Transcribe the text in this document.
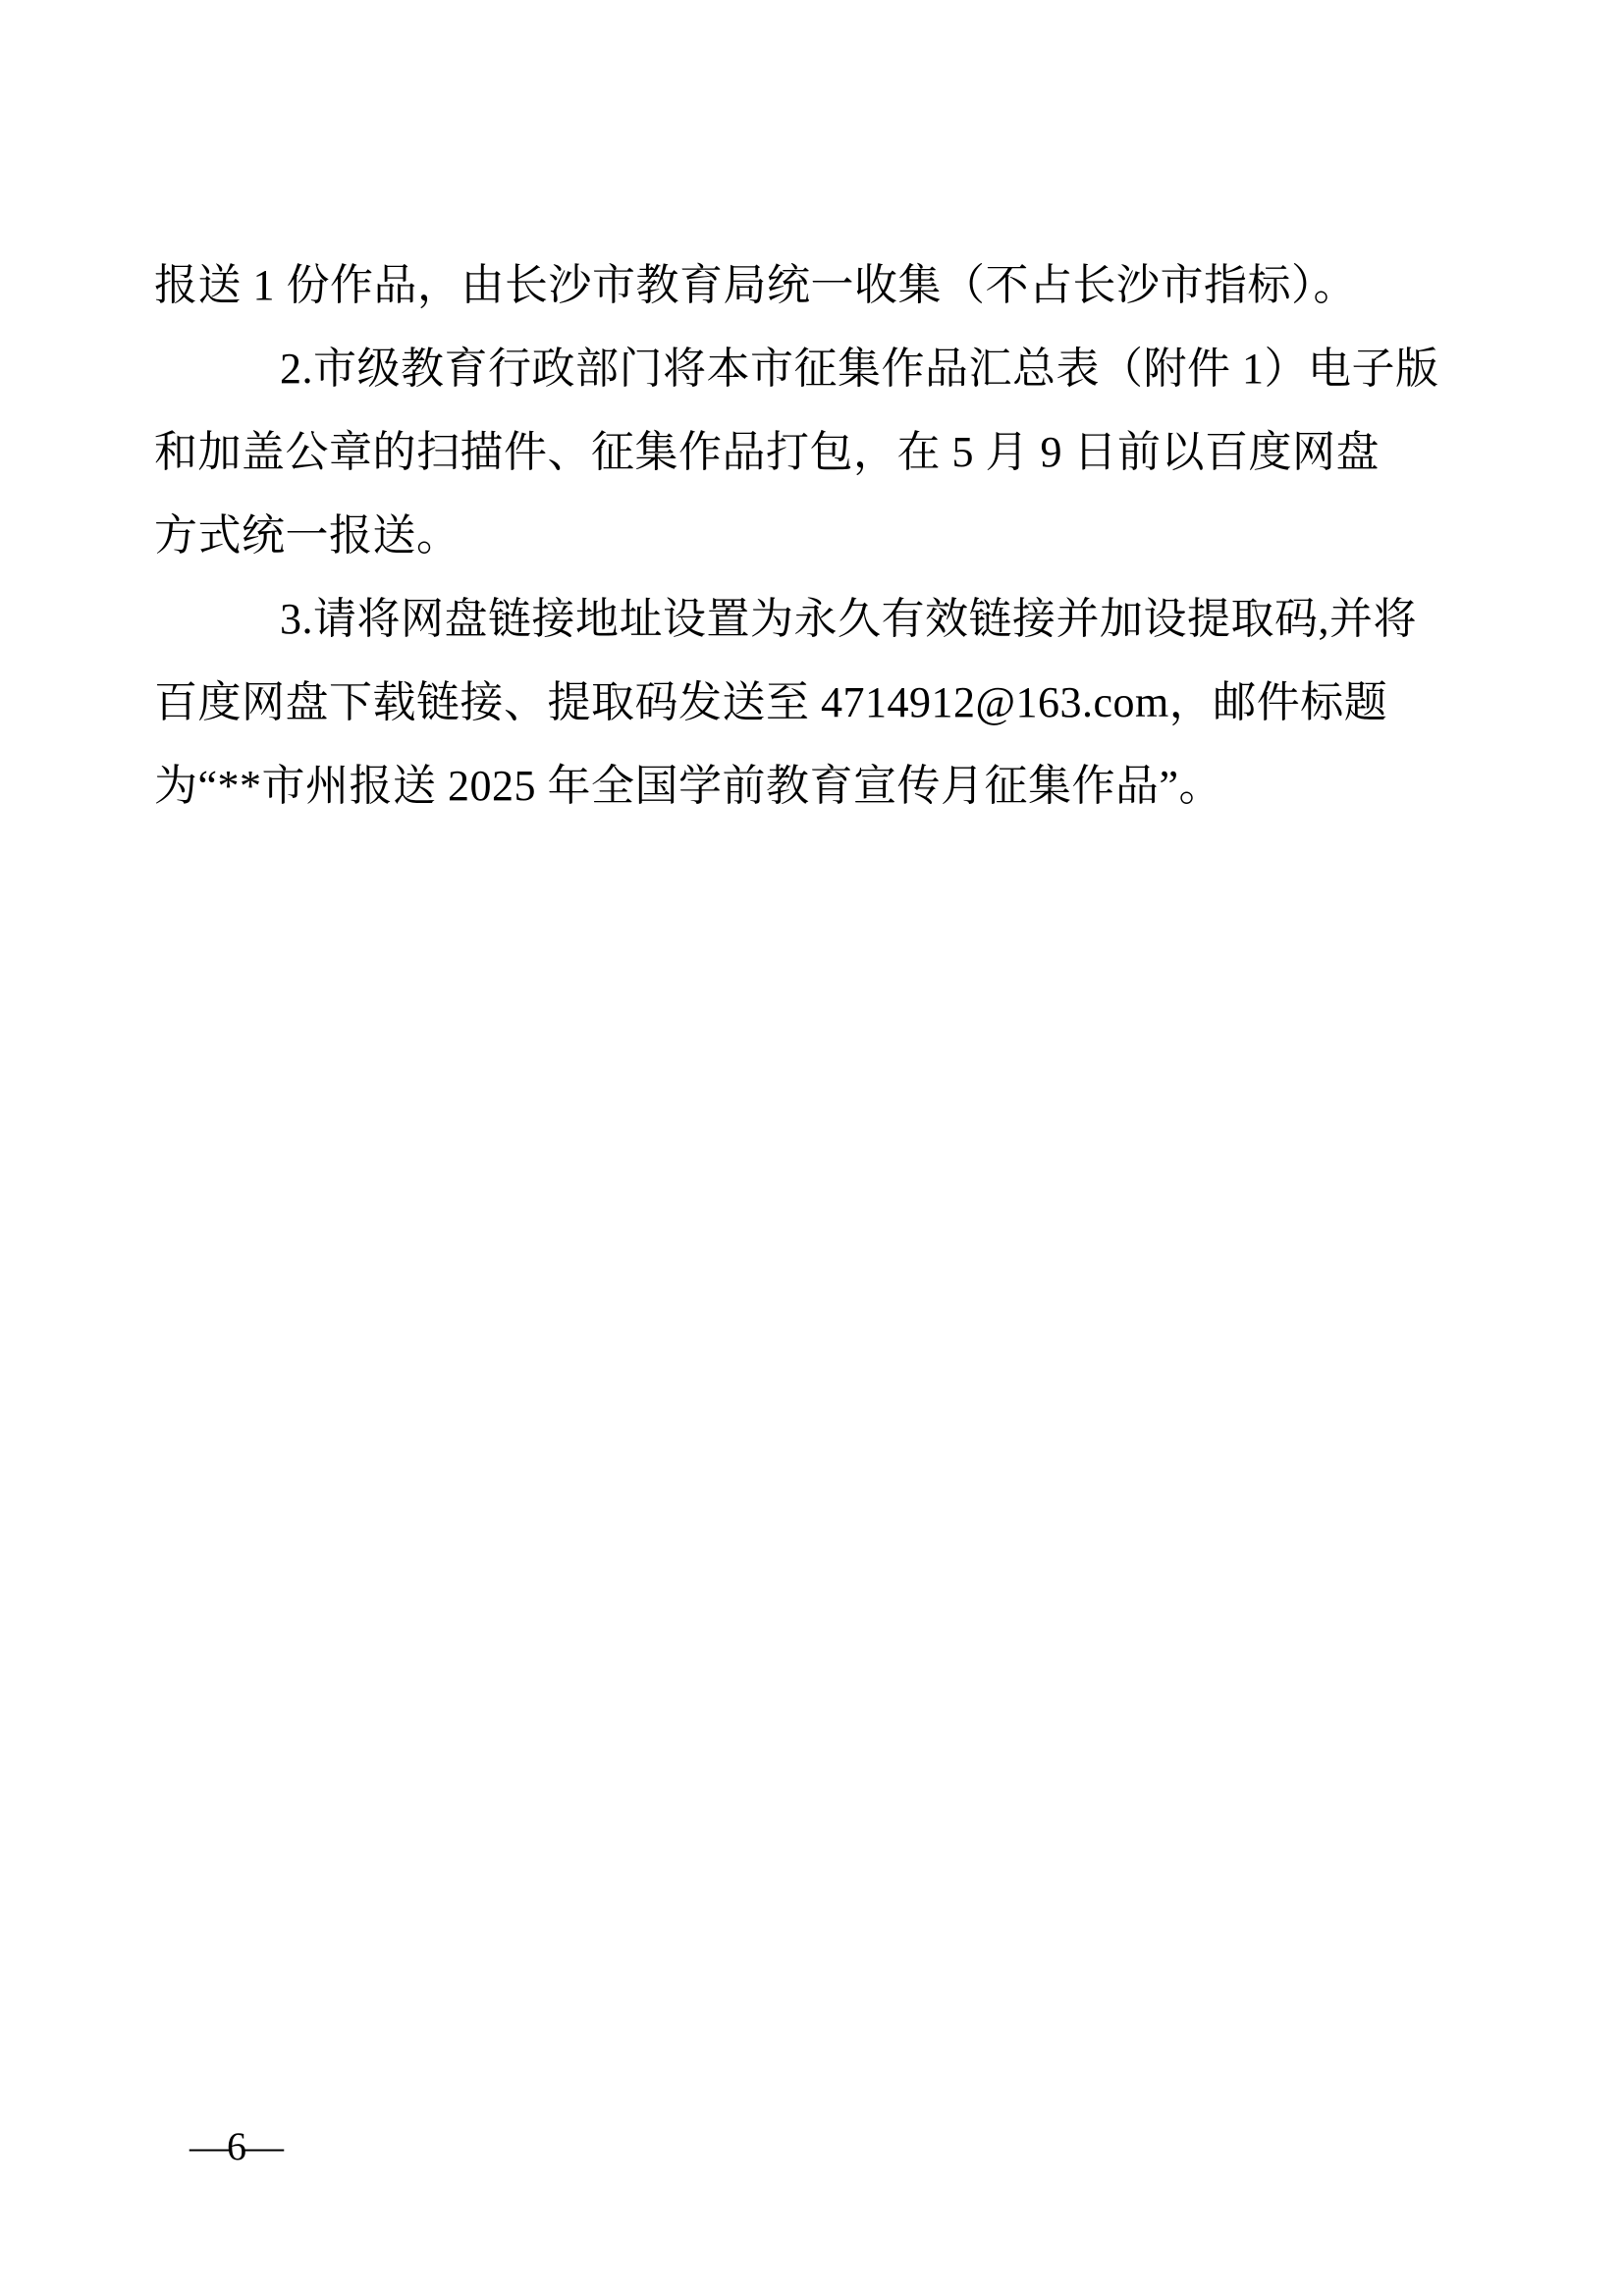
报送 1 份作品，由长沙市教育局统一收集（不占长沙市指标）。
2.市级教育行政部门将本市征集作品汇总表（附件 1）电子版
和加盖公章的扫描件、征集作品打包，在 5 月 9 日前以百度网盘
方式统一报送。
3.请将网盘链接地址设置为永久有效链接并加设提取码,并将
百度网盘下载链接、提取码发送至 4714912@163.com，邮件标题
为“**市州报送 2025 年全国学前教育宣传月征集作品”。
—6—
